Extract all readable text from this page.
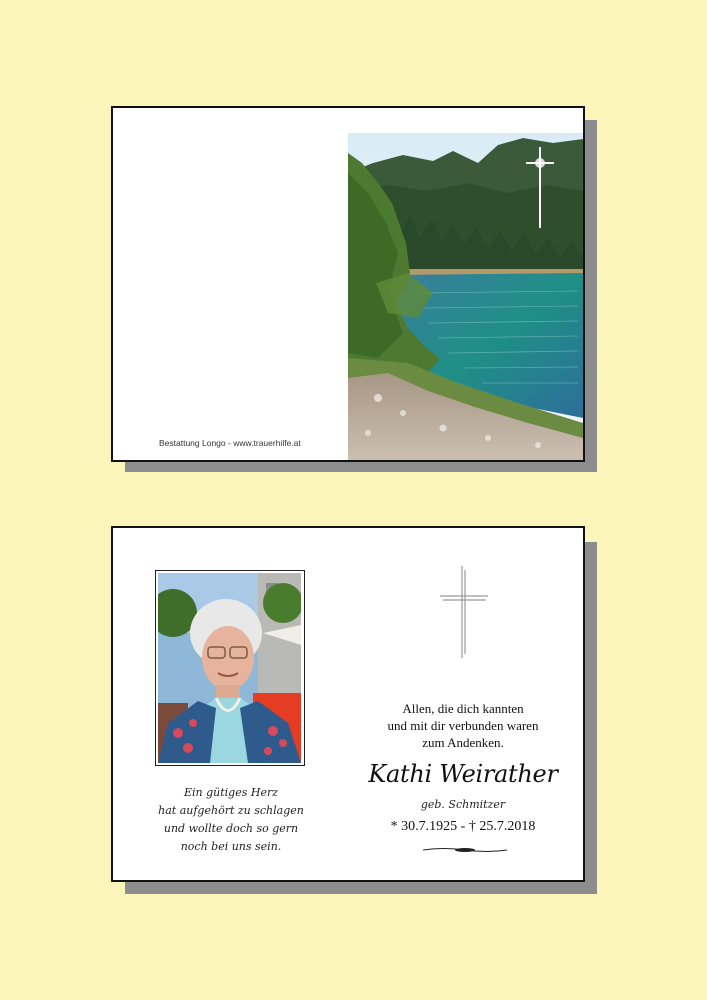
Bestattung Longo - www.trauerhilfe.at
Ein gütiges Herz
hat aufgehört zu schlagen
und wollte doch so gern
noch bei uns sein.
Allen, die dich kannten
und mit dir verbunden waren
zum Andenken.
Kathi Weirather
geb. Schmitzer
* 30.7.1925 - † 25.7.2018
